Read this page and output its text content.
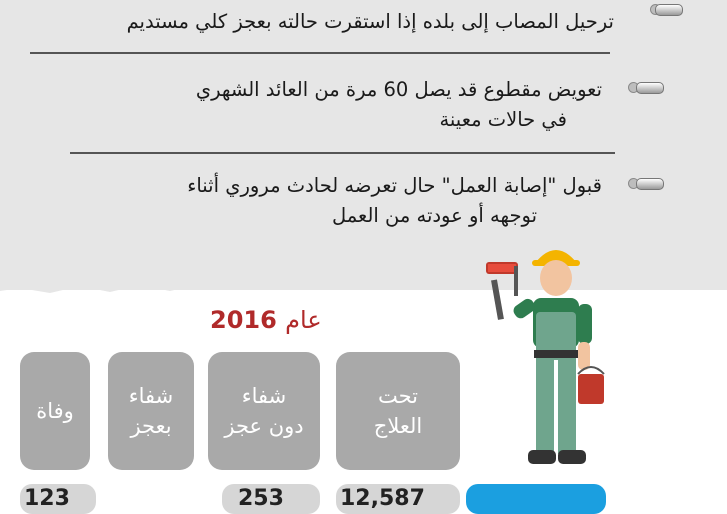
ترحيل المصاب إلى بلده إذا استقرت حالته بعجز كلي مستديم
تعويض مقطوع قد يصل 60 مرة من العائد الشهري
في حالات معينة
قبول "إصابة العمل" حال تعرضه لحادث مروري أثناء
توجهه أو عودته من العمل
عام 2016
تحت
العلاج
شفاء
دون عجز
شفاء
بعجز
وفاة
12,587
253
123
